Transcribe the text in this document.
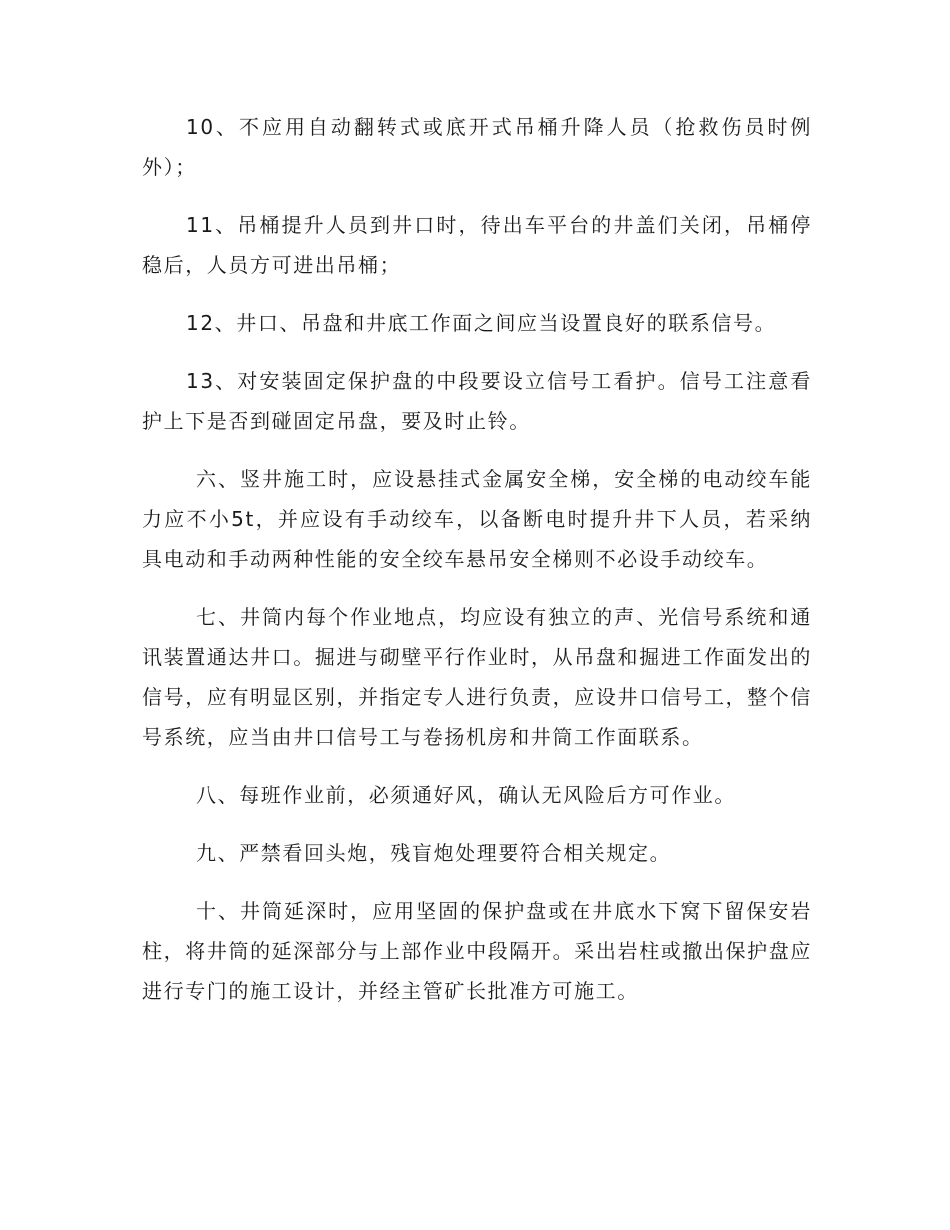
10、不应用自动翻转式或底开式吊桶升降人员（抢救伤员时例外）；

11、吊桶提升人员到井口时，待出车平台的井盖们关闭，吊桶停稳后，人员方可进出吊桶；

12、井口、吊盘和井底工作面之间应当设置良好的联系信号。

13、对安装固定保护盘的中段要设立信号工看护。信号工注意看护上下是否到碰固定吊盘，要及时止铃。

六、竖井施工时，应设悬挂式金属安全梯，安全梯的电动绞车能力应不小5t，并应设有手动绞车，以备断电时提升井下人员，若采纳具电动和手动两种性能的安全绞车悬吊安全梯则不必设手动绞车。

七、井筒内每个作业地点，均应设有独立的声、光信号系统和通讯装置通达井口。掘进与砌壁平行作业时，从吊盘和掘进工作面发出的信号，应有明显区别，并指定专人进行负责，应设井口信号工，整个信号系统，应当由井口信号工与卷扬机房和井筒工作面联系。

八、每班作业前，必须通好风，确认无风险后方可作业。

九、严禁看回头炮，残盲炮处理要符合相关规定。

十、井筒延深时，应用坚固的保护盘或在井底水下窝下留保安岩柱，将井筒的延深部分与上部作业中段隔开。采出岩柱或撤出保护盘应进行专门的施工设计，并经主管矿长批准方可施工。
